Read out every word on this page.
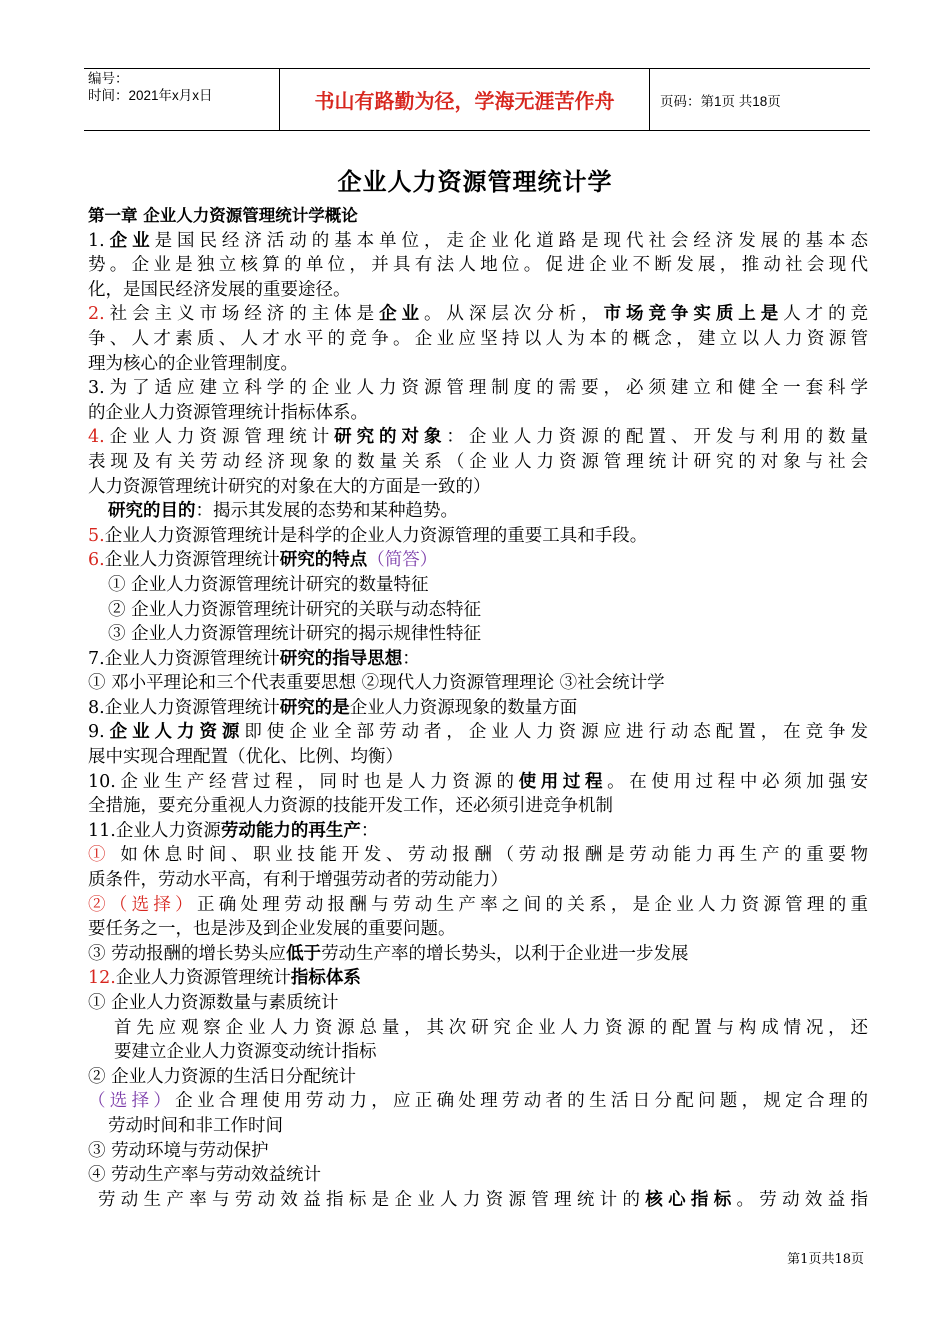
编号：
时间：2021年x月x日	书山有路勤为径，学海无涯苦作舟	页码：第1页 共18页
企业人力资源管理统计学
第一章 企业人力资源管理统计学概论
1.企业是国民经济活动的基本单位，走企业化道路是现代社会经济发展的基本态
势。企业是独立核算的单位，并具有法人地位。促进企业不断发展，推动社会现代
化，是国民经济发展的重要途径。
2.社会主义市场经济的主体是企业。从深层次分析，市场竞争实质上是人才的竞
争、人才素质、人才水平的竞争。企业应坚持以人为本的概念，建立以人力资源管
理为核心的企业管理制度。
3.为了适应建立科学的企业人力资源管理制度的需要，必须建立和健全一套科学
的企业人力资源管理统计指标体系。
4.企业人力资源管理统计研究的对象：企业人力资源的配置、开发与利用的数量
表现及有关劳动经济现象的数量关系（企业人力资源管理统计研究的对象与社会
人力资源管理统计研究的对象在大的方面是一致的）
研究的目的：揭示其发展的态势和某种趋势。
5.企业人力资源管理统计是科学的企业人力资源管理的重要工具和手段。
6.企业人力资源管理统计研究的特点（简答）
① 企业人力资源管理统计研究的数量特征
② 企业人力资源管理统计研究的关联与动态特征
③ 企业人力资源管理统计研究的揭示规律性特征
7.企业人力资源管理统计研究的指导思想：
① 邓小平理论和三个代表重要思想 ②现代人力资源管理理论 ③社会统计学
8.企业人力资源管理统计研究的是企业人力资源现象的数量方面
9.企业人力资源即使企业全部劳动者，企业人力资源应进行动态配置，在竞争发
展中实现合理配置（优化、比例、均衡）
10.企业生产经营过程，同时也是人力资源的使用过程。在使用过程中必须加强安
全措施，要充分重视人力资源的技能开发工作，还必须引进竞争机制
11.企业人力资源劳动能力的再生产：
① 如休息时间、职业技能开发、劳动报酬（劳动报酬是劳动能力再生产的重要物
质条件，劳动水平高，有利于增强劳动者的劳动能力）
②（选择）正确处理劳动报酬与劳动生产率之间的关系，是企业人力资源管理的重
要任务之一，也是涉及到企业发展的重要问题。
③ 劳动报酬的增长势头应低于劳动生产率的增长势头，以利于企业进一步发展
12.企业人力资源管理统计指标体系
① 企业人力资源数量与素质统计
首先应观察企业人力资源总量，其次研究企业人力资源的配置与构成情况，还
要建立企业人力资源变动统计指标
② 企业人力资源的生活日分配统计
（选择）企业合理使用劳动力，应正确处理劳动者的生活日分配问题，规定合理的
劳动时间和非工作时间
③ 劳动环境与劳动保护
④ 劳动生产率与劳动效益统计
劳动生产率与劳动效益指标是企业人力资源管理统计的核心指标。劳动效益指
第1页共18页
